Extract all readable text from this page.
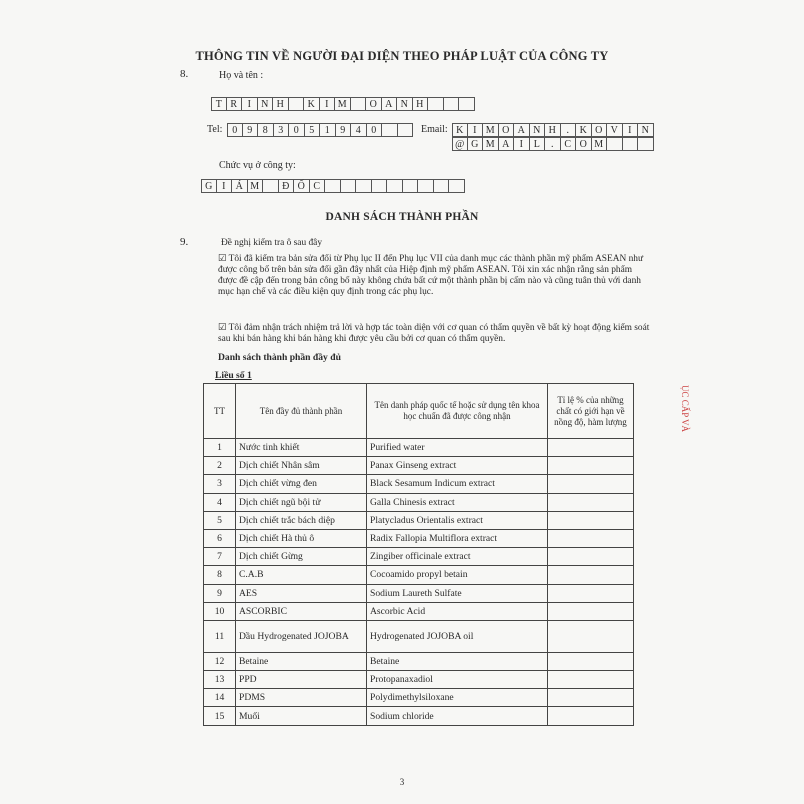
THÔNG TIN VỀ NGƯỜI ĐẠI DIỆN THEO PHÁP LUẬT CỦA CÔNG TY
8.	Họ và tên :
T R	I	N H	K	I M	O A N H
Tel: 0	9	8	3	0	5	1	9	4	0	Email: K I M O A N H	.	K O V	I	N
@ G M A	I	L	.	C O M
Chức vụ ở công ty:
G I	Á M	Đ Ố C
DANH SÁCH THÀNH PHẦN
9.	Đề nghị kiểm tra ô sau đây
☑ Tôi đã kiểm tra bản sửa đổi từ Phụ lục II đến Phụ lục VII của danh mục các thành phần mỹ phẩm ASEAN như được công bố trên bản sửa đổi gần đây nhất của Hiệp định mỹ phẩm ASEAN. Tôi xin xác nhận rằng sản phẩm được đề cập đến trong bản công bố này không chứa bất cứ một thành phần bị cấm nào và cũng tuân thủ với danh mục hạn chế và các điều kiện quy định trong các phụ lục.
☑ Tôi đảm nhận trách nhiệm trả lời và hợp tác toàn diện với cơ quan có thẩm quyền về bất kỳ hoạt động kiểm soát sau khi bán hàng khi bán hàng khi được yêu cầu bởi cơ quan có thẩm quyền.
Danh sách thành phần đầy đủ
Liều số 1
TT	Tên đầy đủ thành phần	Tên danh pháp quốc tế hoặc sử dụng tên khoa học chuẩn đã được công nhận	Tỉ lệ % của những chất có giới hạn về nồng độ, hàm lượng
1	Nước tinh khiết	Purified water	
2	Dịch chiết Nhân sâm	Panax Ginseng extract	
3	Dịch chiết vừng đen	Black Sesamum Indicum extract	
4	Dịch chiết ngũ bội tử	Galla Chinesis extract	
5	Dịch chiết trắc bách diệp	Platycladus Orientalis extract	
6	Dịch chiết Hà thủ ô	Radix Fallopia Multiflora extract	
7	Dịch chiết Gừng	Zingiber officinale extract	
8	C.A.B	Cocoamido propyl betain	
9	AES	Sodium Laureth Sulfate	
10	ASCORBIC	Ascorbic Acid	
11	Dầu Hydrogenated JOJOBA	Hydrogenated JOJOBA oil	
12	Betaine	Betaine	
13	PPD	Protopanaxadiol	
14	PDMS	Polydimethylsiloxane	
15	Muối	Sodium chloride	
ỤC CẤP VÀ
3
